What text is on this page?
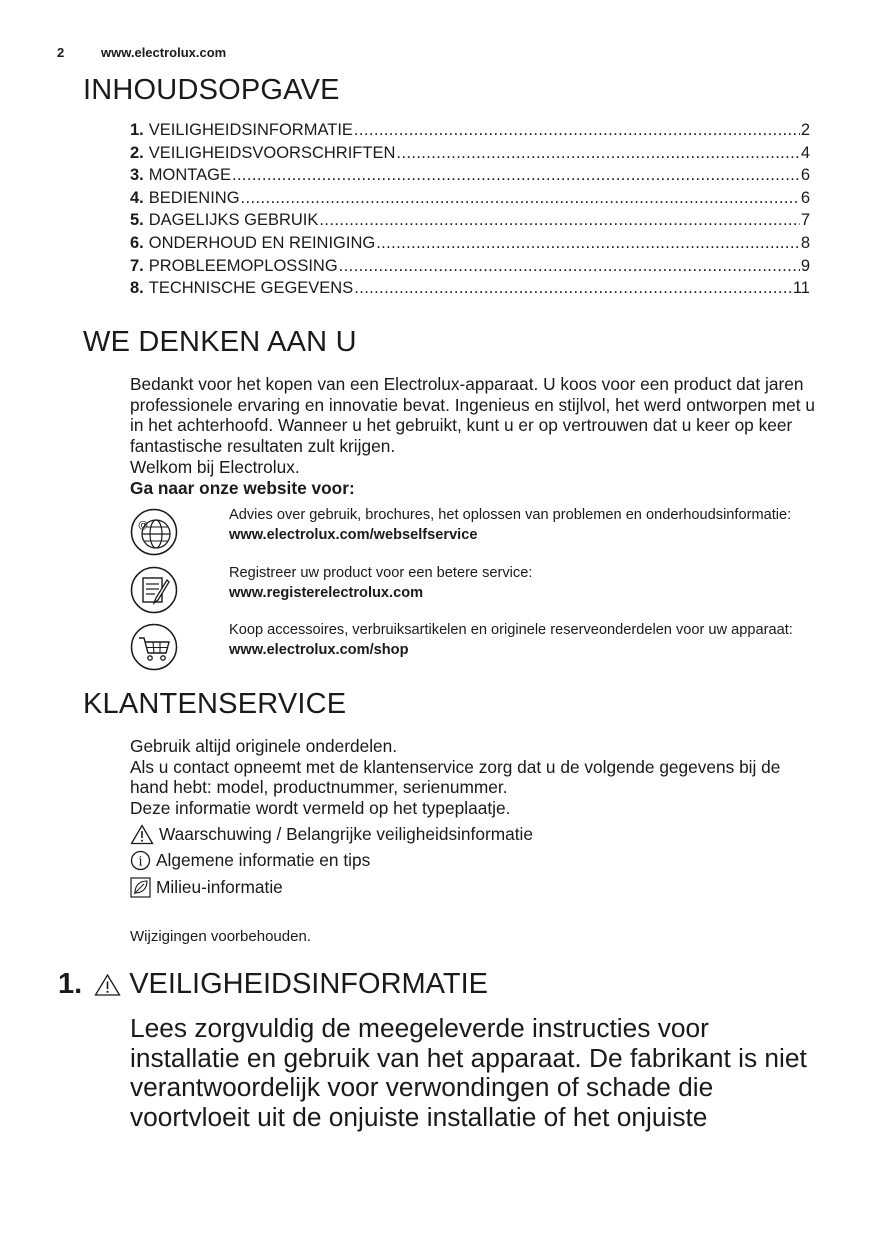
2	www.electrolux.com
INHOUDSOPGAVE
1. VEILIGHEIDSINFORMATIE .....	2
2. VEILIGHEIDSVOORSCHRIFTEN .....	4
3. MONTAGE .....	6
4. BEDIENING .....	6
5. DAGELIJKS GEBRUIK .....	7
6. ONDERHOUD EN REINIGING .....	8
7. PROBLEEMOPLOSSING .....	9
8. TECHNISCHE GEGEVENS .....	11
WE DENKEN AAN U

Bedankt voor het kopen van een Electrolux-apparaat. U koos voor een product dat jaren professionele ervaring en innovatie bevat. Ingenieus en stijlvol, het werd ontworpen met u in het achterhoofd. Wanneer u het gebruikt, kunt u er op vertrouwen dat u keer op keer fantastische resultaten zult krijgen.
Welkom bij Electrolux.
Ga naar onze website voor:

@
Advies over gebruik, brochures, het oplossen van problemen en onderhoudsinformatie:
www.electrolux.com/webselfservice
Registreer uw product voor een betere service:
www.registerelectrolux.com
Koop accessoires, verbruiksartikelen en originele reserveonderdelen voor uw apparaat:
www.electrolux.com/shop
KLANTENSERVICE

Gebruik altijd originele onderdelen.
Als u contact opneemt met de klantenservice zorg dat u de volgende gegevens bij de hand hebt: model, productnummer, serienummer.
Deze informatie wordt vermeld op het typeplaatje.

Waarschuwing / Belangrijke veiligheidsinformatie
i Algemene informatie en tips
Milieu-informatie
Wijzigingen voorbehouden.
1. VEILIGHEIDSINFORMATIE

Lees zorgvuldig de meegeleverde instructies voor installatie en gebruik van het apparaat. De fabrikant is niet verantwoordelijk voor verwondingen of schade die voortvloeit uit de onjuiste installatie of het onjuiste
